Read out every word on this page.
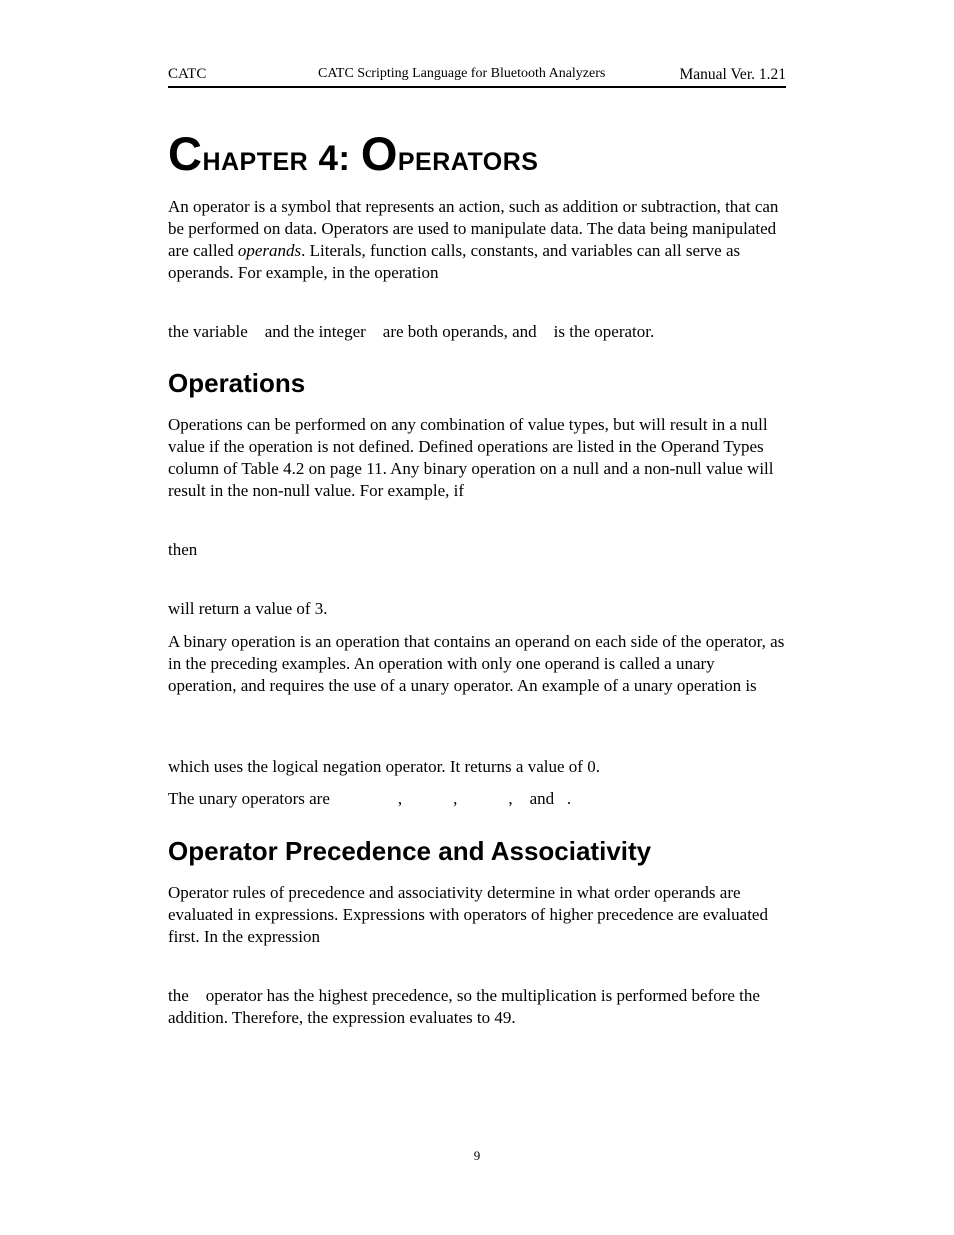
CATC	CATC Scripting Language for Bluetooth Analyzers	Manual Ver. 1.21
Chapter 4: Operators

An operator is a symbol that represents an action, such as addition or subtraction, that can be performed on data. Operators are used to manipulate data. The data being manipulated are called operands. Literals, function calls, constants, and variables can all serve as operands. For example, in the operation

the variable    and the integer    are both operands, and    is the operator.

Operations

Operations can be performed on any combination of value types, but will result in a null value if the operation is not defined. Defined operations are listed in the Operand Types column of Table 4.2 on page 11. Any binary operation on a null and a non-null value will result in the non-null value. For example, if

then

will return a value of 3.

A binary operation is an operation that contains an operand on each side of the operator, as in the preceding examples. An operation with only one operand is called a unary operation, and requires the use of a unary operator. An example of a unary operation is

which uses the logical negation operator. It returns a value of 0.

The unary operators are                ,            ,            ,    and   .

Operator Precedence and Associativity

Operator rules of precedence and associativity determine in what order operands are evaluated in expressions. Expressions with operators of higher precedence are evaluated first. In the expression

the    operator has the highest precedence, so the multiplication is performed before the addition. Therefore, the expression evaluates to 49.

9
